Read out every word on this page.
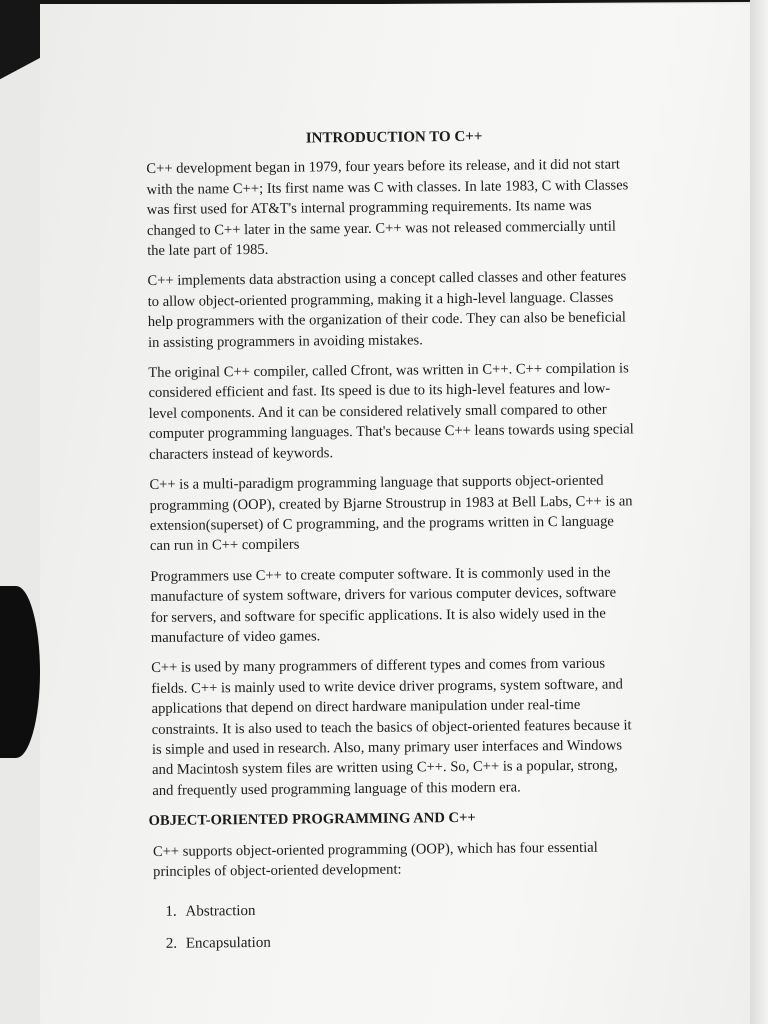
INTRODUCTION TO C++

C++ development began in 1979, four years before its release, and it did not start with the name C++; Its first name was C with classes. In late 1983, C with Classes was first used for AT&T's internal programming requirements. Its name was changed to C++ later in the same year. C++ was not released commercially until the late part of 1985.

C++ implements data abstraction using a concept called classes and other features to allow object-oriented programming, making it a high-level language. Classes help programmers with the organization of their code. They can also be beneficial in assisting programmers in avoiding mistakes.

The original C++ compiler, called Cfront, was written in C++. C++ compilation is considered efficient and fast. Its speed is due to its high-level features and low-level components. And it can be considered relatively small compared to other computer programming languages. That's because C++ leans towards using special characters instead of keywords.

C++ is a multi-paradigm programming language that supports object-oriented programming (OOP), created by Bjarne Stroustrup in 1983 at Bell Labs, C++ is an extension(superset) of C programming, and the programs written in C language can run in C++ compilers

Programmers use C++ to create computer software. It is commonly used in the manufacture of system software, drivers for various computer devices, software for servers, and software for specific applications. It is also widely used in the manufacture of video games.

C++ is used by many programmers of different types and comes from various fields. C++ is mainly used to write device driver programs, system software, and applications that depend on direct hardware manipulation under real-time constraints. It is also used to teach the basics of object-oriented features because it is simple and used in research. Also, many primary user interfaces and Windows and Macintosh system files are written using C++. So, C++ is a popular, strong, and frequently used programming language of this modern era.

OBJECT-ORIENTED PROGRAMMING AND C++

C++ supports object-oriented programming (OOP), which has four essential principles of object-oriented development:

1. Abstraction
2. Encapsulation
